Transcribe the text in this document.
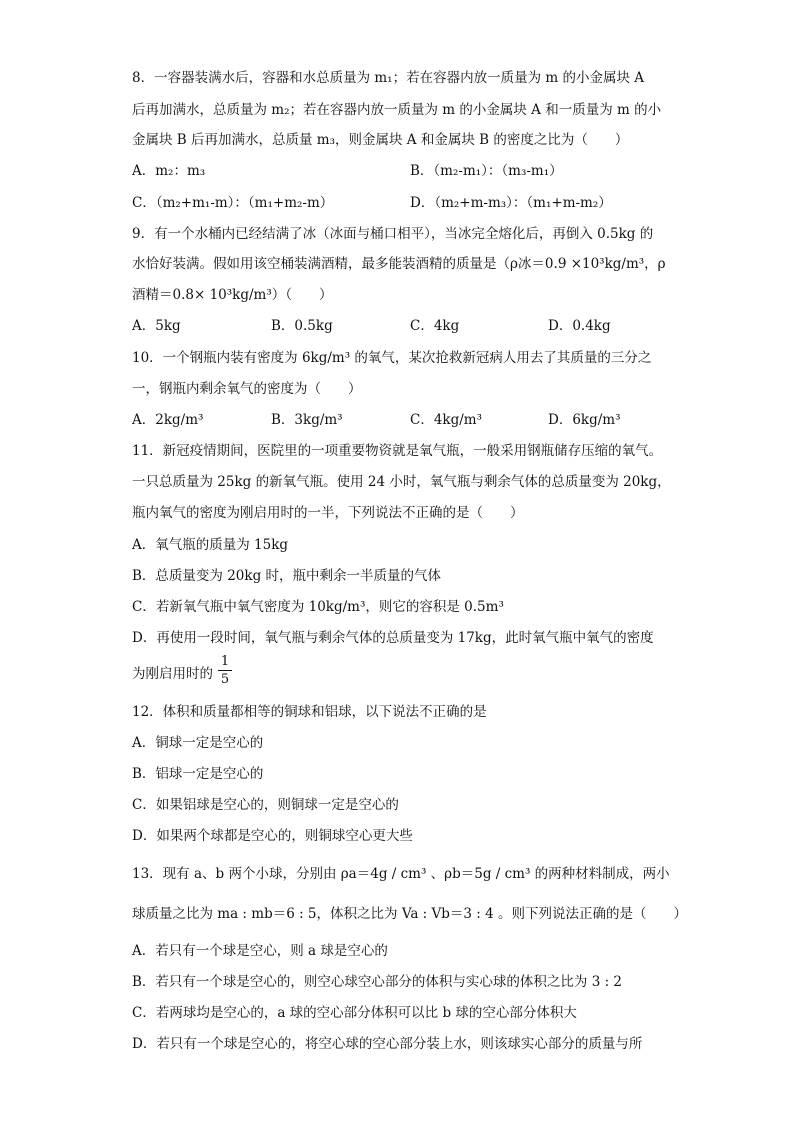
8．一容器装满水后，容器和水总质量为 m₁；若在容器内放一质量为 m 的小金属块 A
后再加满水，总质量为 m₂；若在容器内放一质量为 m 的小金属块 A 和一质量为 m 的小
金属块 B 后再加满水，总质量 m₃，则金属块 A 和金属块 B 的密度之比为（　　）
A．m₂：m₃	B．（m₂-m₁）：（m₃-m₁）
C．（m₂+m₁-m）：（m₁+m₂-m）	D．（m₂+m-m₃）：（m₁+m-m₂）
9．有一个水桶内已经结满了冰（冰面与桶口相平），当冰完全熔化后，再倒入 0.5kg 的
水恰好装满。假如用该空桶装满酒精，最多能装酒精的质量是（ρ冰＝0.9 ×10³kg/m³，ρ
酒精＝0.8× 10³kg/m³）（　　）
A．5kg	B．0.5kg	C．4kg	D．0.4kg
10．一个钢瓶内装有密度为 6kg/m³ 的氧气，某次抢救新冠病人用去了其质量的三分之
一，钢瓶内剩余氧气的密度为（　　）
A．2kg/m³	B．3kg/m³	C．4kg/m³	D．6kg/m³
11．新冠疫情期间，医院里的一项重要物资就是氧气瓶，一般采用钢瓶储存压缩的氧气。
一只总质量为 25kg 的新氧气瓶。使用 24 小时，氧气瓶与剩余气体的总质量变为 20kg，
瓶内氧气的密度为刚启用时的一半，下列说法不正确的是（　　）
A．氧气瓶的质量为 15kg
B．总质量变为 20kg 时，瓶中剩余一半质量的气体
C．若新氧气瓶中氧气密度为 10kg/m³，则它的容积是 0.5m³
D．再使用一段时间，氧气瓶与剩余气体的总质量变为 17kg，此时氧气瓶中氧气的密度
为刚启用时的
1
5
12．体积和质量都相等的铜球和铝球，以下说法不正确的是
A．铜球一定是空心的
B．铝球一定是空心的
C．如果铝球是空心的，则铜球一定是空心的
D．如果两个球都是空心的，则铜球空心更大些
13．现有 a、b 两个小球，分别由 ρa＝4g / cm³ 、ρb＝5g / cm³ 的两种材料制成，两小
球质量之比为 ma : mb＝6 : 5，体积之比为 Va : Vb＝3 : 4 。则下列说法正确的是（　　）
A．若只有一个球是空心，则 a 球是空心的
B．若只有一个球是空心的，则空心球空心部分的体积与实心球的体积之比为 3 : 2
C．若两球均是空心的，a 球的空心部分体积可以比 b 球的空心部分体积大
D．若只有一个球是空心的，将空心球的空心部分装上水，则该球实心部分的质量与所
